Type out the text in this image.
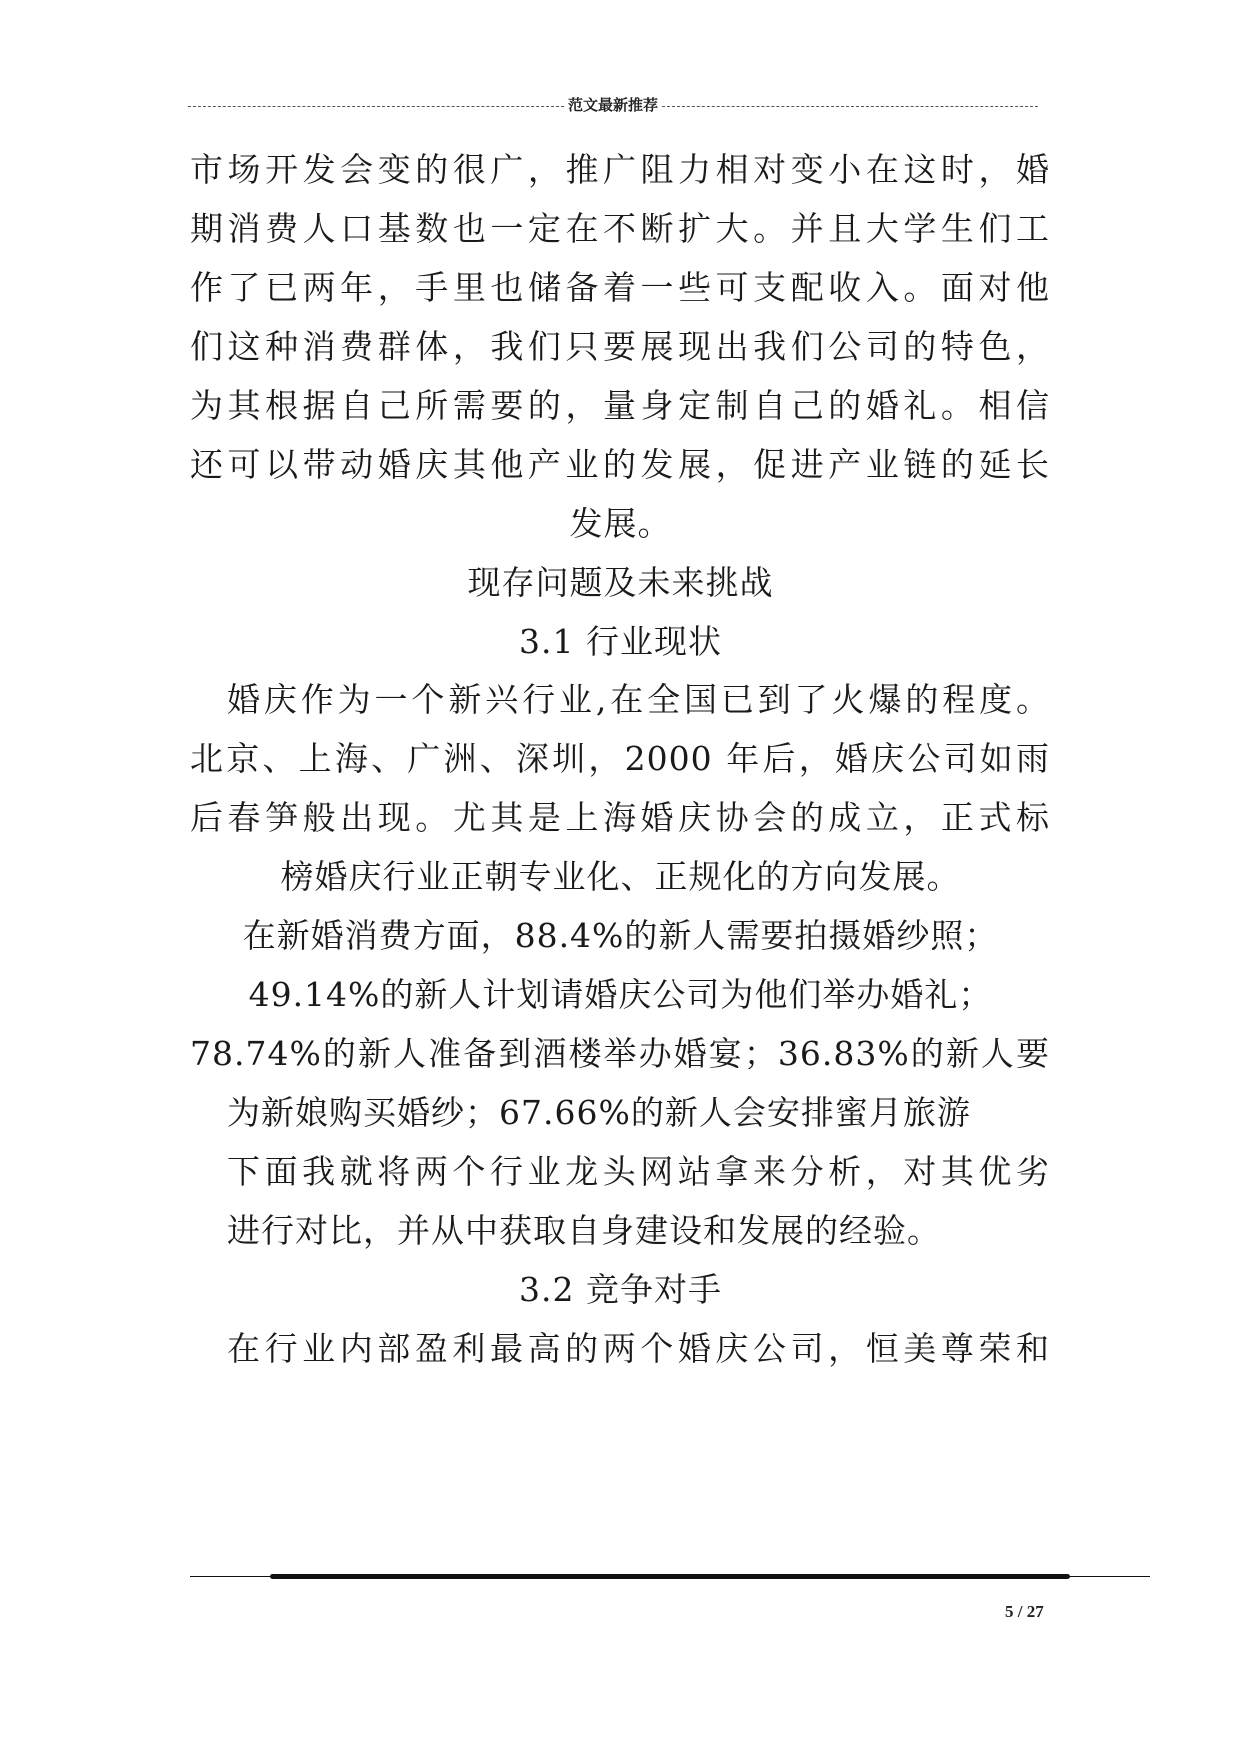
范文最新推荐
市场开发会变的很广，推广阻力相对变小在这时，婚
期消费人口基数也一定在不断扩大。并且大学生们工
作了已两年，手里也储备着一些可支配收入。面对他
们这种消费群体，我们只要展现出我们公司的特色，
为其根据自己所需要的，量身定制自己的婚礼。相信
还可以带动婚庆其他产业的发展，促进产业链的延长
发展。
现存问题及未来挑战
3.1 行业现状
婚庆作为一个新兴行业,在全国已到了火爆的程度。
北京、上海、广洲、深圳，2000 年后，婚庆公司如雨
后春笋般出现。尤其是上海婚庆协会的成立，正式标
榜婚庆行业正朝专业化、正规化的方向发展。
在新婚消费方面，88.4%的新人需要拍摄婚纱照；
49.14%的新人计划请婚庆公司为他们举办婚礼；
78.74%的新人准备到酒楼举办婚宴；36.83%的新人要
为新娘购买婚纱；67.66%的新人会安排蜜月旅游
下面我就将两个行业龙头网站拿来分析，对其优劣
进行对比，并从中获取自身建设和发展的经验。
3.2 竞争对手
在行业内部盈利最高的两个婚庆公司，恒美尊荣和
5 / 27
